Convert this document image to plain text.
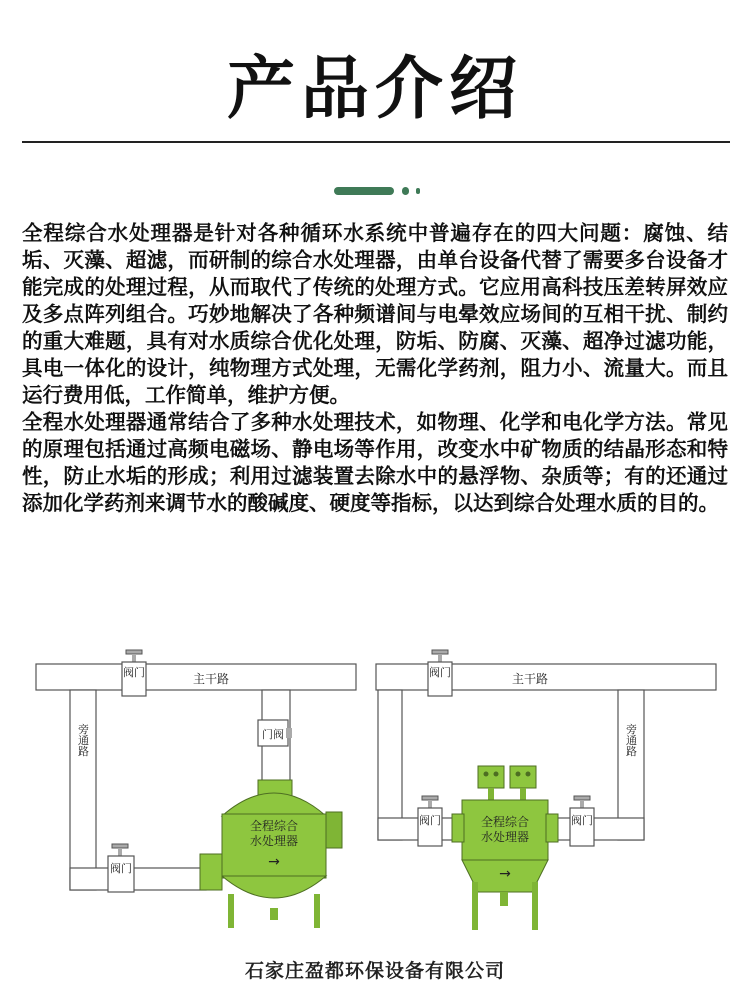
产品介绍

全程综合水处理器是针对各种循环水系统中普遍存在的四大问题：腐蚀、结垢、灭藻、超滤，而研制的综合水处理器，由单台设备代替了需要多台设备才能完成的处理过程，从而取代了传统的处理方式。它应用高科技压差转屏效应及多点阵列组合。巧妙地解决了各种频谱间与电晕效应场间的互相干扰、制约的重大难题，具有对水质综合优化处理，防垢、防腐、灭藻、超净过滤功能，具电一体化的设计，纯物理方式处理，无需化学药剂，阻力小、流量大。而且运行费用低，工作简单，维护方便。

全程水处理器通常结合了多种水处理技术，如物理、化学和电化学方法。常见的原理包括通过高频电磁场、静电场等作用，改变水中矿物质的结晶形态和特性，防止水垢的形成；利用过滤装置去除水中的悬浮物、杂质等；有的还通过添加化学药剂来调节水的酸碱度、硬度等指标，以达到综合处理水质的目的。

主干路
阀门
旁通路
阀门
门阀
全程综合
水处理器
→
主干路
阀门
阀门
旁通路
阀门
全程综合
水处理器
→
石家庄盈都环保设备有限公司
